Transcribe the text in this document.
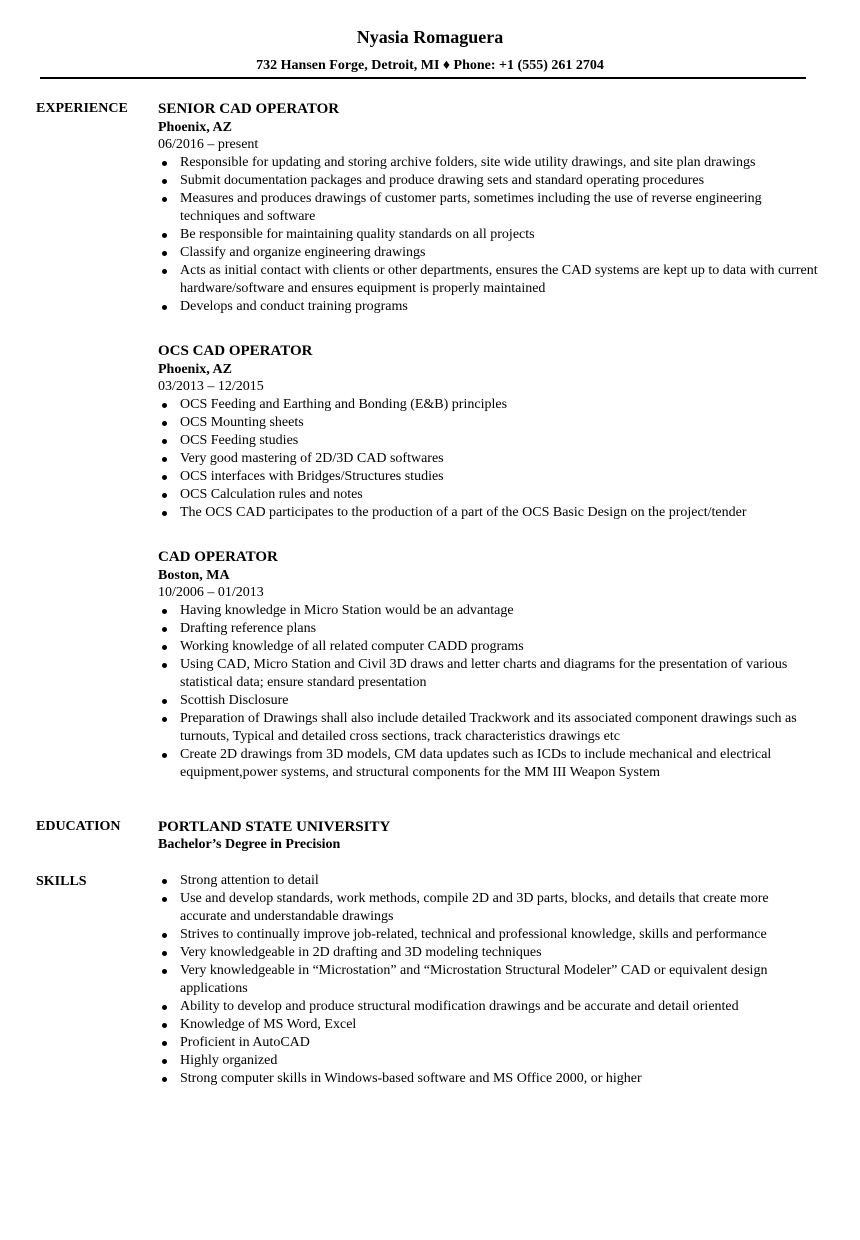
Nyasia Romaguera
732 Hansen Forge, Detroit, MI ♦ Phone: +1 (555) 261 2704
EXPERIENCE	SENIOR CAD OPERATOR
Phoenix, AZ
06/2016 – present
Responsible for updating and storing archive folders, site wide utility drawings, and site plan drawings
Submit documentation packages and produce drawing sets and standard operating procedures
Measures and produces drawings of customer parts, sometimes including the use of reverse engineering techniques and software
Be responsible for maintaining quality standards on all projects
Classify and organize engineering drawings
Acts as initial contact with clients or other departments, ensures the CAD systems are kept up to data with current hardware/software and ensures equipment is properly maintained
Develops and conduct training programs
OCS CAD OPERATOR
Phoenix, AZ
03/2013 – 12/2015
OCS Feeding and Earthing and Bonding (E&B) principles
OCS Mounting sheets
OCS Feeding studies
Very good mastering of 2D/3D CAD softwares
OCS interfaces with Bridges/Structures studies
OCS Calculation rules and notes
The OCS CAD participates to the production of a part of the OCS Basic Design on the project/tender
CAD OPERATOR
Boston, MA
10/2006 – 01/2013
Having knowledge in Micro Station would be an advantage
Drafting reference plans
Working knowledge of all related computer CADD programs
Using CAD, Micro Station and Civil 3D draws and letter charts and diagrams for the presentation of various statistical data; ensure standard presentation
Scottish Disclosure
Preparation of Drawings shall also include detailed Trackwork and its associated component drawings such as turnouts, Typical and detailed cross sections, track characteristics drawings etc
Create 2D drawings from 3D models, CM data updates such as ICDs to include mechanical and electrical equipment,power systems, and structural components for the MM III Weapon System
EDUCATION	PORTLAND STATE UNIVERSITY
Bachelor’s Degree in Precision
SKILLS	Strong attention to detail
Use and develop standards, work methods, compile 2D and 3D parts, blocks, and details that create more accurate and understandable drawings
Strives to continually improve job-related, technical and professional knowledge, skills and performance
Very knowledgeable in 2D drafting and 3D modeling techniques
Very knowledgeable in “Microstation” and “Microstation Structural Modeler” CAD or equivalent design applications
Ability to develop and produce structural modification drawings and be accurate and detail oriented
Knowledge of MS Word, Excel
Proficient in AutoCAD
Highly organized
Strong computer skills in Windows-based software and MS Office 2000, or higher
